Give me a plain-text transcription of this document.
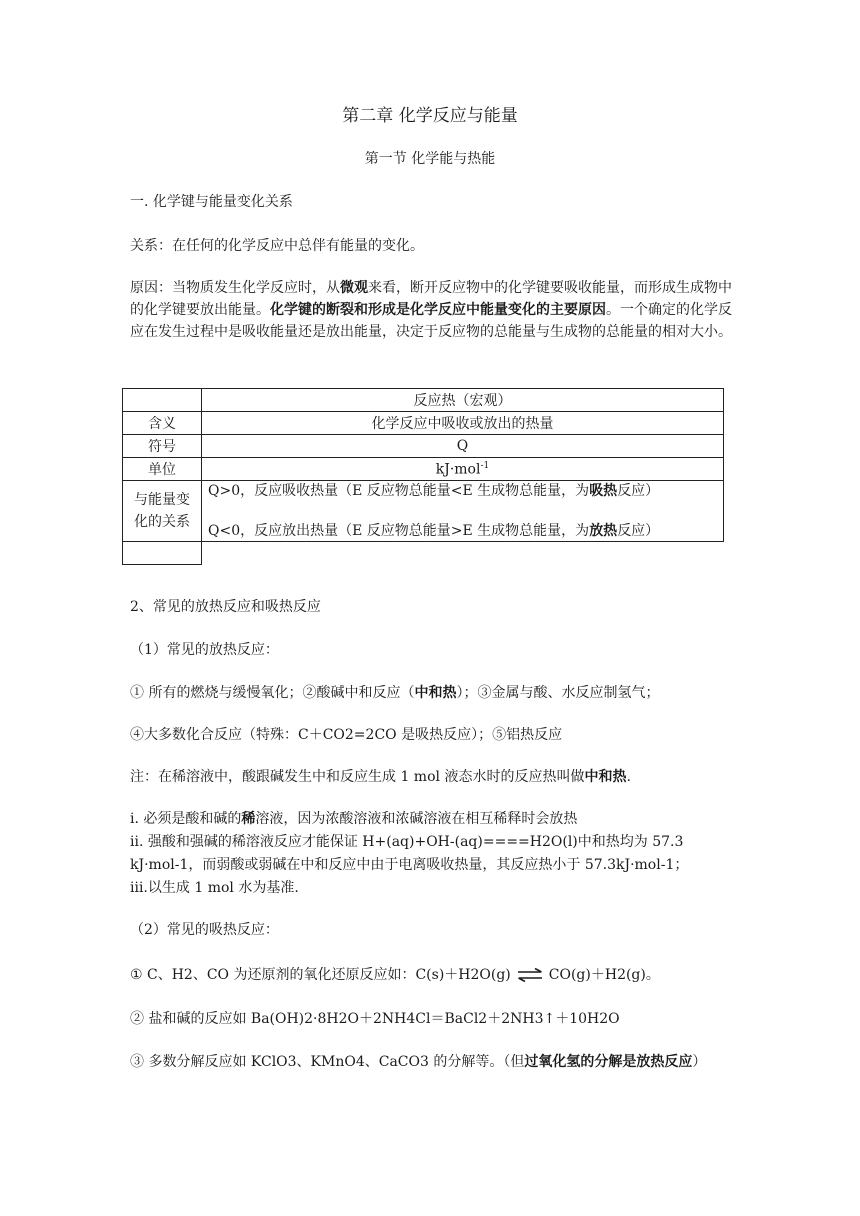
第二章 化学反应与能量
第一节 化学能与热能
一. 化学键与能量变化关系
关系：在任何的化学反应中总伴有能量的变化。
原因：当物质发生化学反应时，从微观来看，断开反应物中的化学键要吸收能量，而形成生成物中的化学键要放出能量。化学键的断裂和形成是化学反应中能量变化的主要原因。一个确定的化学反应在发生过程中是吸收能量还是放出能量，决定于反应物的总能量与生成物的总能量的相对大小。
	反应热（宏观）
含义	化学反应中吸收或放出的热量
符号	Q
单位	kJ·mol$^{-1}$
与能量变化的关系	Q>0，反应吸收热量（E 反应物总能量<E 生成物总能量，为吸热反应）
Q<0，反应放出热量（E 反应物总能量>E 生成物总能量，为放热反应）

2、常见的放热反应和吸热反应
（1）常见的放热反应：
① 所有的燃烧与缓慢氧化；②酸碱中和反应（中和热）；③金属与酸、水反应制氢气；
④大多数化合反应（特殊：C＋CO2=2CO 是吸热反应）；⑤铝热反应
注：在稀溶液中，酸跟碱发生中和反应生成 1 mol 液态水时的反应热叫做中和热.
ⅰ. 必须是酸和碱的稀溶液，因为浓酸溶液和浓碱溶液在相互稀释时会放热
ⅱ. 强酸和强碱的稀溶液反应才能保证 H+(aq)+OH-(aq)====H2O(l)中和热均为 57.3
kJ·mol-1，而弱酸或弱碱在中和反应中由于电离吸收热量，其反应热小于 57.3kJ·mol-1；
ⅲ.以生成 1 mol 水为基准.
（2）常见的吸热反应：
① C、H2、CO 为还原剂的氧化还原反应如：C(s)＋H2O(g) ⇌ CO(g)＋H2(g)。
② 盐和碱的反应如 Ba(OH)2·8H2O＋2NH4Cl＝BaCl2＋2NH3↑＋10H2O
③ 多数分解反应如 KClO3、KMnO4、CaCO3 的分解等。（但过氧化氢的分解是放热反应）
